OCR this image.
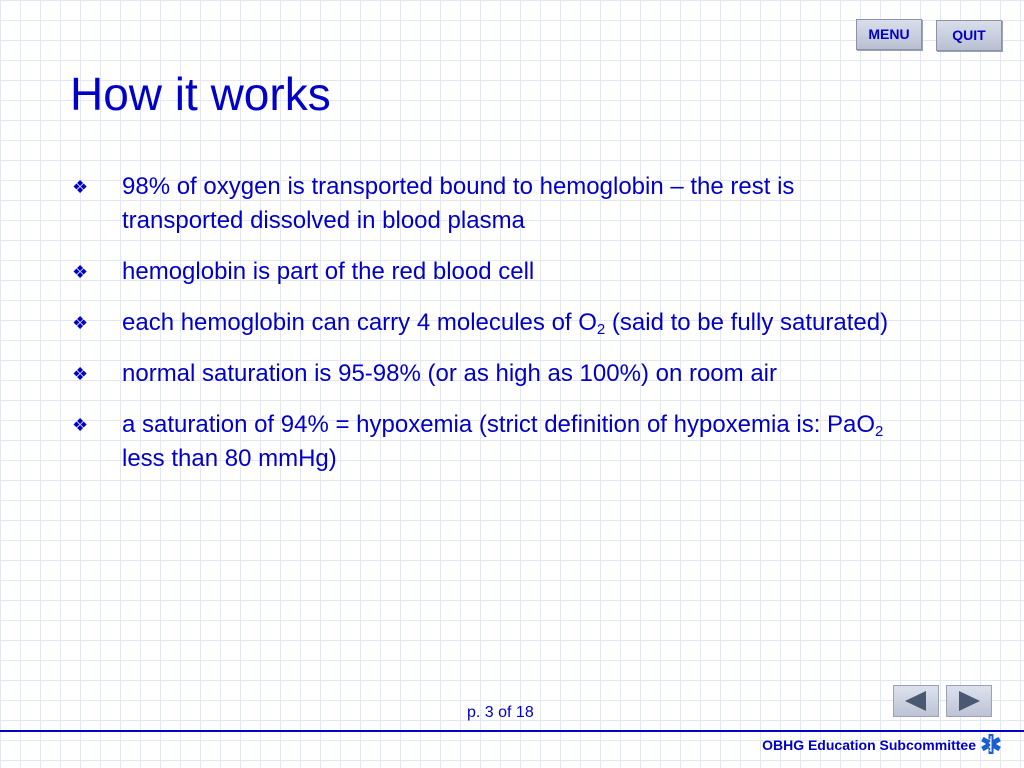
MENU	QUIT
How it works
❖ 98% of oxygen is transported bound to hemoglobin – the rest is transported dissolved in blood plasma
❖ hemoglobin is part of the red blood cell
❖ each hemoglobin can carry 4 molecules of $O_2$ (said to be fully saturated)
❖ normal saturation is 95-98% (or as high as 100%) on room air
❖ a saturation of 94% = hypoxemia (strict definition of hypoxemia is: PaO$_2$ less than 80 mmHg)
p. 3 of 18
OBHG Education Subcommittee
